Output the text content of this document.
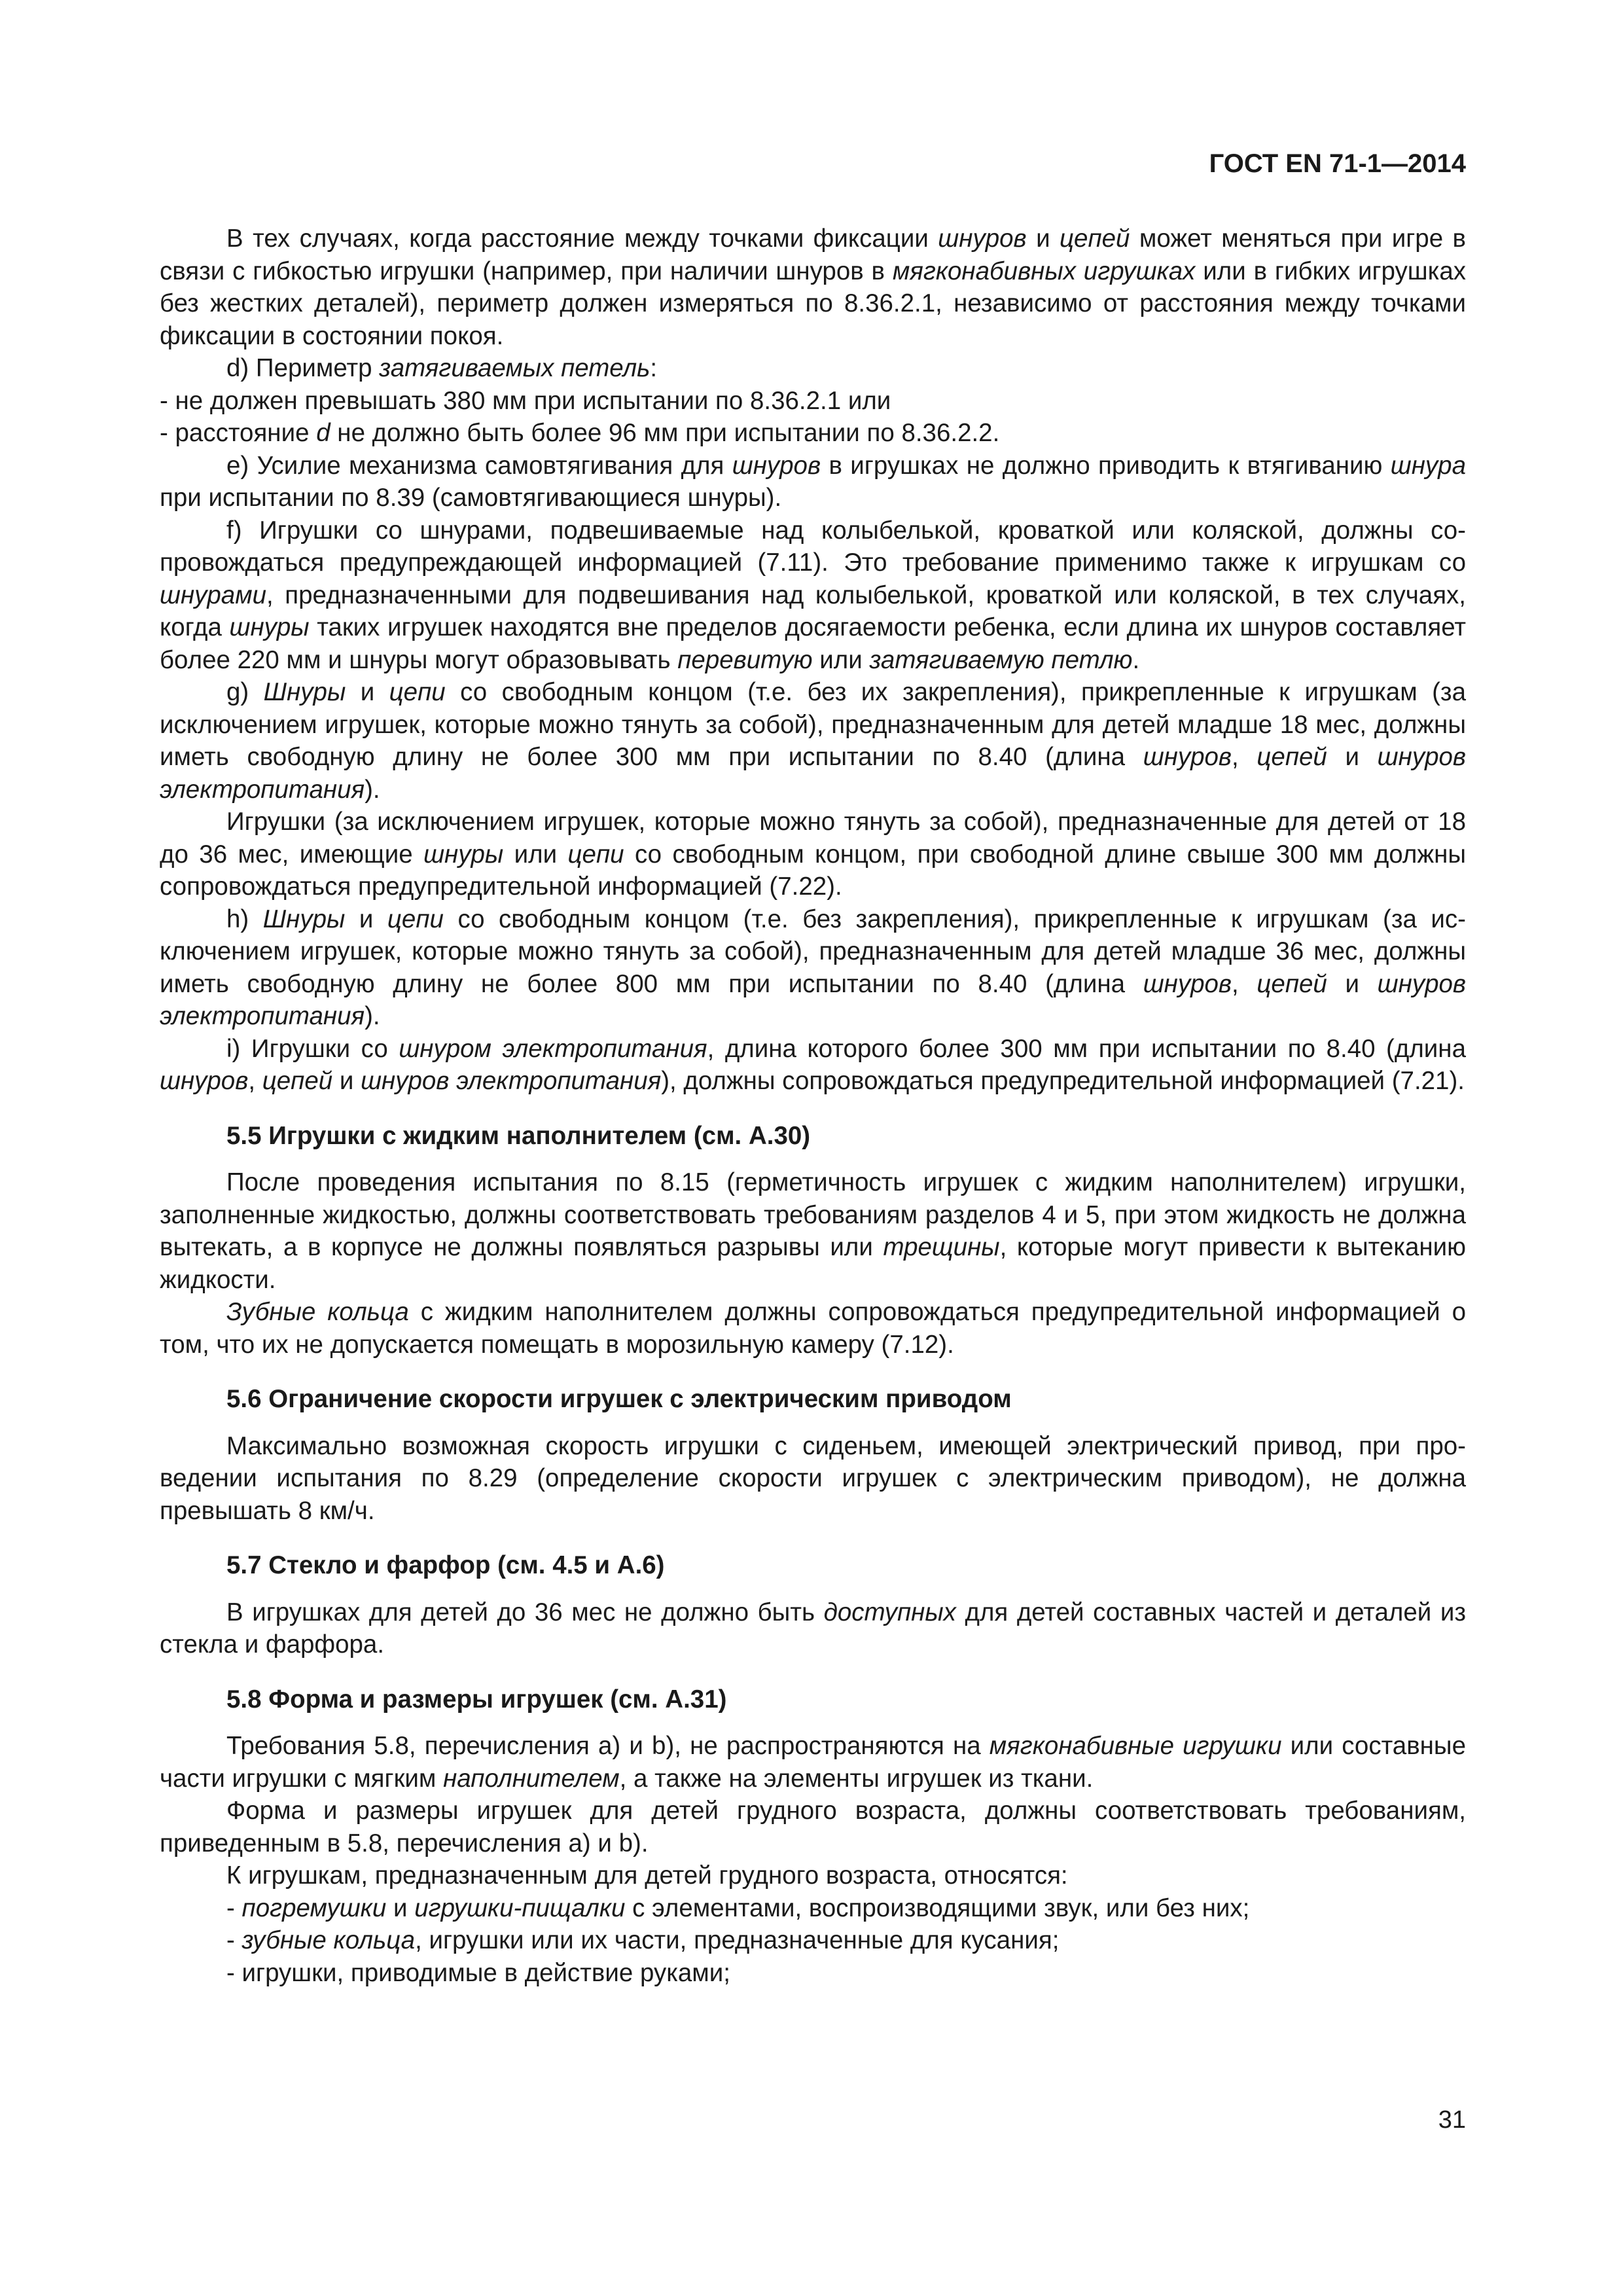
ГОСТ EN 71-1—2014

В тех случаях, когда расстояние между точками фиксации шнуров и цепей может меняться при игре в связи с гибкостью игрушки (например, при наличии шнуров в мягконабивных игрушках или в гибких игрушках без жестких деталей), периметр должен измеряться по 8.36.2.1, независимо от расстояния между точками фиксации в состоянии покоя.

d) Периметр затягиваемых петель:

- не должен превышать 380 мм при испытании по 8.36.2.1 или

- расстояние d не должно быть более 96 мм при испытании по 8.36.2.2.

e) Усилие механизма самовтягивания для шнуров в игрушках не должно приводить к втягиванию шнура при испытании по 8.39 (самовтягивающиеся шнуры).

f) Игрушки со шнурами, подвешиваемые над колыбелькой, кроваткой или коляской, должны сопровождаться предупреждающей информацией (7.11). Это требование применимо также к игрушкам со шнурами, предназначенными для подвешивания над колыбелькой, кроваткой или коляской, в тех случаях, когда шнуры таких игрушек находятся вне пределов досягаемости ребенка, если длина их шнуров составляет более 220 мм и шнуры могут образовывать перевитую или затягиваемую петлю.

g) Шнуры и цепи со свободным концом (т.е. без их закрепления), прикрепленные к игрушкам (за исключением игрушек, которые можно тянуть за собой), предназначенным для детей младше 18 мес, должны иметь свободную длину не более 300 мм при испытании по 8.40 (длина шнуров, цепей и шнуров электропитания).

Игрушки (за исключением игрушек, которые можно тянуть за собой), предназначенные для детей от 18 до 36 мес, имеющие шнуры или цепи со свободным концом, при свободной длине свыше 300 мм должны сопровождаться предупредительной информацией (7.22).

h) Шнуры и цепи со свободным концом (т.е. без закрепления), прикрепленные к игрушкам (за исключением игрушек, которые можно тянуть за собой), предназначенным для детей младше 36 мес, должны иметь свободную длину не более 800 мм при испытании по 8.40 (длина шнуров, цепей и шнуров электропитания).

i) Игрушки со шнуром электропитания, длина которого более 300 мм при испытании по 8.40 (длина шнуров, цепей и шнуров электропитания), должны сопровождаться предупредительной информацией (7.21).

5.5 Игрушки с жидким наполнителем (см. А.30)

После проведения испытания по 8.15 (герметичность игрушек с жидким наполнителем) игрушки, заполненные жидкостью, должны соответствовать требованиям разделов 4 и 5, при этом жидкость не должна вытекать, а в корпусе не должны появляться разрывы или трещины, которые могут привести к вытеканию жидкости.

Зубные кольца с жидким наполнителем должны сопровождаться предупредительной информацией о том, что их не допускается помещать в морозильную камеру (7.12).

5.6 Ограничение скорости игрушек с электрическим приводом

Максимально возможная скорость игрушки с сиденьем, имеющей электрический привод, при проведении испытания по 8.29 (определение скорости игрушек с электрическим приводом), не должна превышать 8 км/ч.

5.7 Стекло и фарфор (см. 4.5 и А.6)

В игрушках для детей до 36 мес не должно быть доступных для детей составных частей и деталей из стекла и фарфора.

5.8 Форма и размеры игрушек (см. А.31)

Требования 5.8, перечисления a) и b), не распространяются на мягконабивные игрушки или составные части игрушки с мягким наполнителем, а также на элементы игрушек из ткани.

Форма и размеры игрушек для детей грудного возраста, должны соответствовать требованиям, приведенным в 5.8, перечисления a) и b).

К игрушкам, предназначенным для детей грудного возраста, относятся:

- погремушки и игрушки-пищалки с элементами, воспроизводящими звук, или без них;

- зубные кольца, игрушки или их части, предназначенные для кусания;

- игрушки, приводимые в действие руками;

31
